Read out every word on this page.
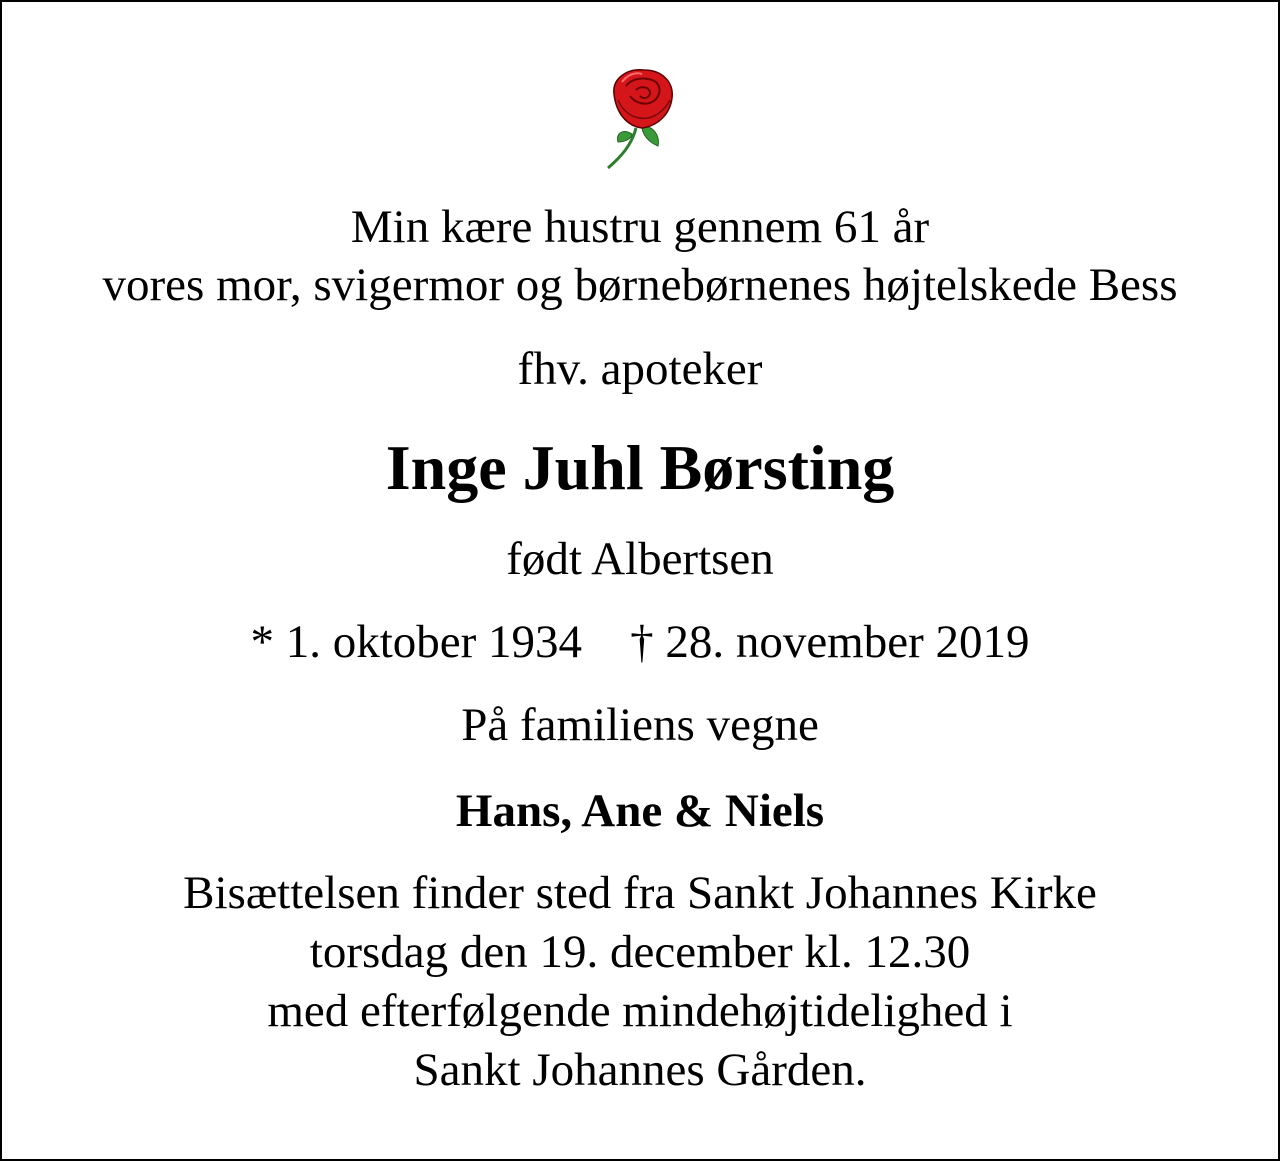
Min kære hustru gennem 61 år
vores mor, svigermor og børnebørnenes højtelskede Bess
fhv. apoteker
Inge Juhl Børsting
født Albertsen
* 1. oktober 1934 † 28. november 2019
På familiens vegne
Hans, Ane & Niels
Bisættelsen finder sted fra Sankt Johannes Kirke
torsdag den 19. december kl. 12.30
med efterfølgende mindehøjtidelighed i
Sankt Johannes Gården.
